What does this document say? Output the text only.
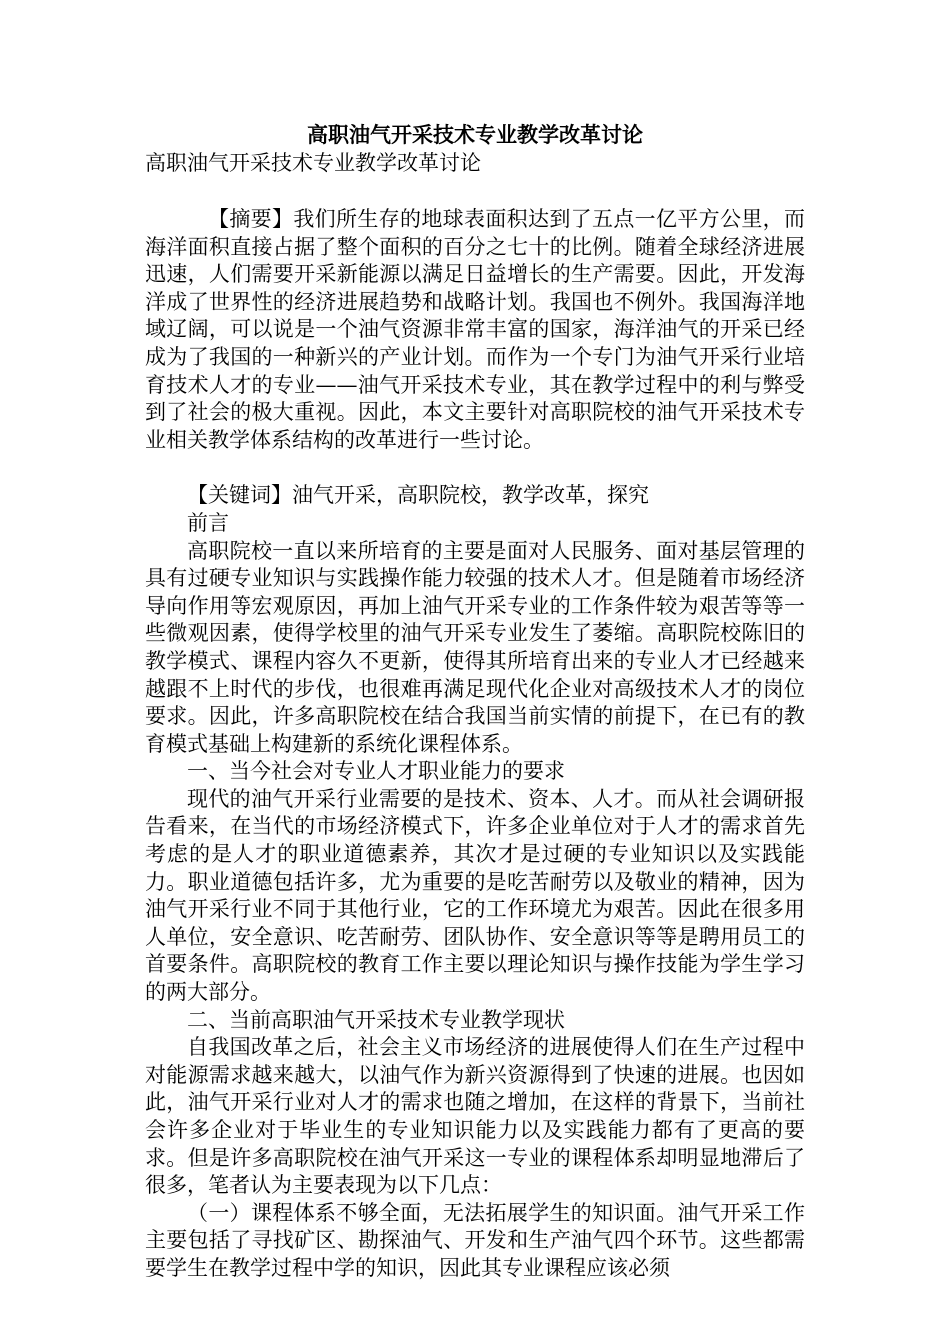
高职油气开采技术专业教学改革讨论
高职油气开采技术专业教学改革讨论

【摘要】我们所生存的地球表面积达到了五点一亿平方公里，而海洋面积直接占据了整个面积的百分之七十的比例。随着全球经济进展迅速，人们需要开采新能源以满足日益增长的生产需要。因此，开发海洋成了世界性的经济进展趋势和战略计划。我国也不例外。我国海洋地域辽阔，可以说是一个油气资源非常丰富的国家，海洋油气的开采已经成为了我国的一种新兴的产业计划。而作为一个专门为油气开采行业培育技术人才的专业——油气开采技术专业，其在教学过程中的利与弊受到了社会的极大重视。因此，本文主要针对高职院校的油气开采技术专业相关教学体系结构的改革进行一些讨论。

【关键词】油气开采，高职院校，教学改革，探究

前言

高职院校一直以来所培育的主要是面对人民服务、面对基层管理的具有过硬专业知识与实践操作能力较强的技术人才。但是随着市场经济导向作用等宏观原因，再加上油气开采专业的工作条件较为艰苦等等一些微观因素，使得学校里的油气开采专业发生了萎缩。高职院校陈旧的教学模式、课程内容久不更新，使得其所培育出来的专业人才已经越来越跟不上时代的步伐，也很难再满足现代化企业对高级技术人才的岗位要求。因此，许多高职院校在结合我国当前实情的前提下，在已有的教育模式基础上构建新的系统化课程体系。

一、当今社会对专业人才职业能力的要求

现代的油气开采行业需要的是技术、资本、人才。而从社会调研报告看来，在当代的市场经济模式下，许多企业单位对于人才的需求首先考虑的是人才的职业道德素养，其次才是过硬的专业知识以及实践能力。职业道德包括许多，尤为重要的是吃苦耐劳以及敬业的精神，因为油气开采行业不同于其他行业，它的工作环境尤为艰苦。因此在很多用人单位，安全意识、吃苦耐劳、团队协作、安全意识等等是聘用员工的首要条件。高职院校的教育工作主要以理论知识与操作技能为学生学习的两大部分。

二、当前高职油气开采技术专业教学现状

自我国改革之后，社会主义市场经济的进展使得人们在生产过程中对能源需求越来越大，以油气作为新兴资源得到了快速的进展。也因如此，油气开采行业对人才的需求也随之增加，在这样的背景下，当前社会许多企业对于毕业生的专业知识能力以及实践能力都有了更高的要求。但是许多高职院校在油气开采这一专业的课程体系却明显地滞后了很多，笔者认为主要表现为以下几点：

（一）课程体系不够全面，无法拓展学生的知识面。油气开采工作主要包括了寻找矿区、勘探油气、开发和生产油气四个环节。这些都需要学生在教学过程中学的知识，因此其专业课程应该必须
